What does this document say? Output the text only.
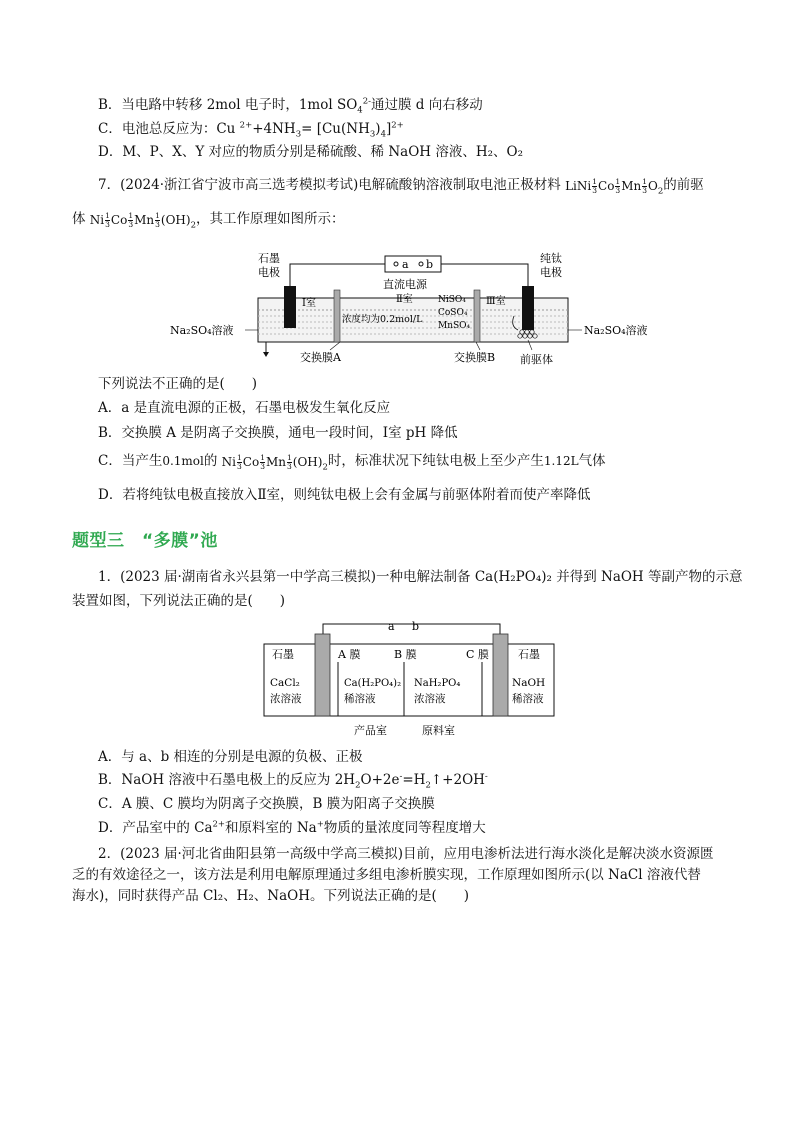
B．当电路中转移 2mol 电子时，1mol $SO_4^{2-}$通过膜 d 向右移动
C．电池总反应为：Cu $^{2+}+4NH_3= [Cu(NH_3)_4]^{2+}$
D．M、P、X、Y 对应的物质分别是稀硫酸、稀 NaOH 溶液、H₂、O₂
7．(2024·浙江省宁波市高三选考模拟考试)电解硫酸钠溶液制取电池正极材料 LiNi $\frac{1}{3}$ Co $\frac{1}{3}$ Mn $\frac{1}{3} O_2$的前驱
体 Ni $\frac{1}{3}$ Co $\frac{1}{3}$ Mn $\frac{1}{3} (OH)_2$，其工作原理如图所示：
a b
直流电源
石墨
电极
纯钛
电极
Ⅰ室	Ⅱ室	Ⅲ室
NiSO₄
CoSO₄
MnSO₄
浓度均为0.2mol/L
交换膜A	交换膜B 前驱体
Na₂SO₄溶液	Na₂SO₄溶液
下列说法不正确的是(　　)
A．a 是直流电源的正极，石墨电极发生氧化反应
B．交换膜 A 是阴离子交换膜，通电一段时间，Ⅰ室 pH 降低
C．当产生0.1mol的 Ni $\frac{1}{3}$ Co $\frac{1}{3}$ Mn $\frac{1}{3} (OH)_2$时，标准状况下纯钛电极上至少产生1.12L气体
D．若将纯钛电极直接放入Ⅱ室，则纯钛电极上会有金属与前驱体附着而使产率降低
题型三　“多膜”池
1．(2023 届·湖南省永兴县第一中学高三模拟)一种电解法制备 Ca(H₂PO₄)₂ 并得到 NaOH 等副产物的示意
装置如图，下列说法正确的是(　　)
a b
石墨	A 膜	B 膜	C 膜	石墨
CaCl₂
浓溶液
Ca(H₂PO₄)₂
稀溶液
NaH₂PO₄
浓溶液
NaOH
稀溶液
产品室	原料室
A．与 a、b 相连的分别是电源的负极、正极
B．NaOH 溶液中石墨电极上的反应为 $2H_2O+2e^-=H_2↑+2OH^-$
C．A 膜、C 膜均为阴离子交换膜，B 膜为阳离子交换膜
D．产品室中的 $Ca^{2+}$和原料室的 Na+物质的量浓度同等程度增大
2．(2023 届·河北省曲阳县第一高级中学高三模拟)目前，应用电渗析法进行海水淡化是解决淡水资源匮
乏的有效途径之一，该方法是利用电解原理通过多组电渗析膜实现，工作原理如图所示(以 NaCl 溶液代替
海水)，同时获得产品 Cl₂、H₂、NaOH。下列说法正确的是(　　)
